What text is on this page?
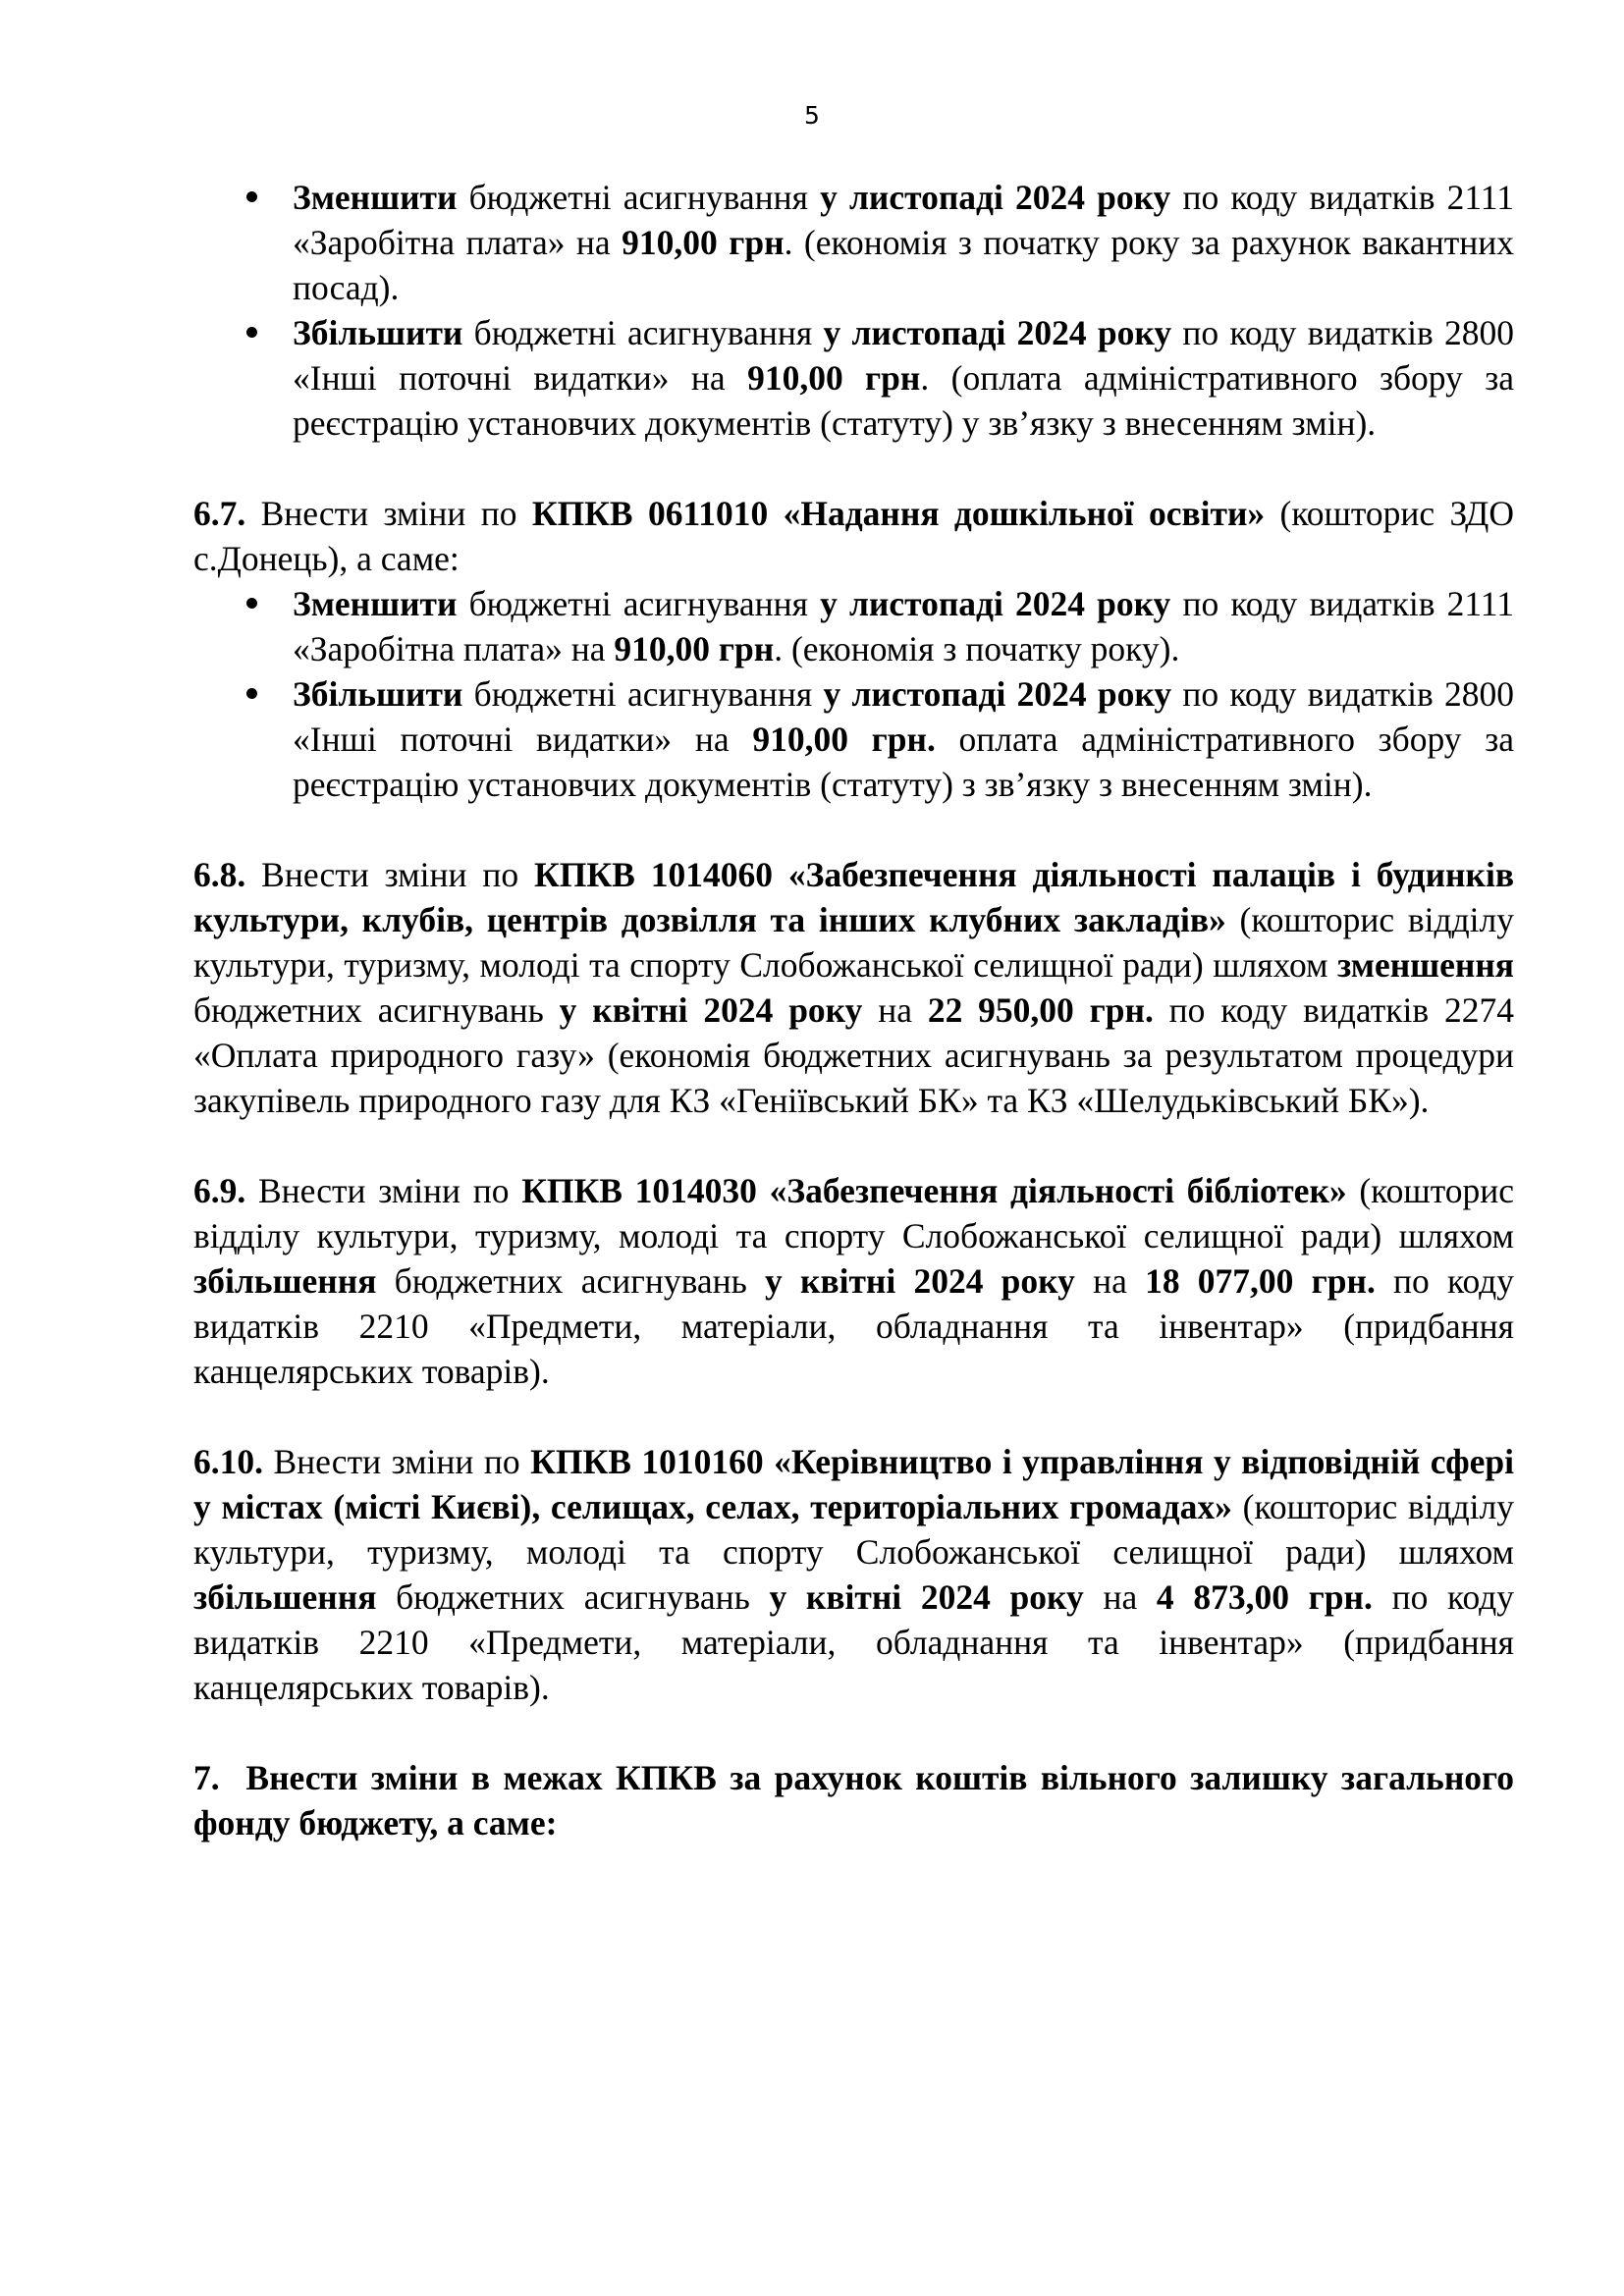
5
Зменшити бюджетні асигнування у листопаді 2024 року по коду видатків 2111 «Заробітна плата» на 910,00 грн. (економія з початку року за рахунок вакантних посад).
Збільшити бюджетні асигнування у листопаді 2024 року по коду видатків 2800 «Інші поточні видатки» на 910,00 грн. (оплата адміністративного збору за реєстрацію установчих документів (статуту) у зв’язку з внесенням змін).

6.7. Внести зміни по КПКВ 0611010 «Надання дошкільної освіти» (кошторис ЗДО с.Донець), а саме:

Зменшити бюджетні асигнування у листопаді 2024 року по коду видатків 2111 «Заробітна плата» на 910,00 грн. (економія з початку року).
Збільшити бюджетні асигнування у листопаді 2024 року по коду видатків 2800 «Інші поточні видатки» на 910,00 грн. оплата адміністративного збору за реєстрацію установчих документів (статуту) з зв’язку з внесенням змін).

6.8. Внести зміни по КПКВ 1014060 «Забезпечення діяльності палаців і будинків культури, клубів, центрів дозвілля та інших клубних закладів» (кошторис відділу культури, туризму, молоді та спорту Слобожанської селищної ради) шляхом зменшення бюджетних асигнувань у квітні 2024 року на 22 950,00 грн. по коду видатків 2274 «Оплата природного газу» (економія бюджетних асигнувань за результатом процедури закупівель природного газу для КЗ «Геніївський БК» та КЗ «Шелудьківський БК»).

6.9. Внести зміни по КПКВ 1014030 «Забезпечення діяльності бібліотек» (кошторис відділу культури, туризму, молоді та спорту Слобожанської селищної ради) шляхом збільшення бюджетних асигнувань у квітні 2024 року на 18 077,00 грн. по коду видатків 2210 «Предмети, матеріали, обладнання та інвентар» (придбання канцелярських товарів).

6.10. Внести зміни по КПКВ 1010160 «Керівництво і управління у відповідній сфері у містах (місті Києві), селищах, селах, територіальних громадах» (кошторис відділу культури, туризму, молоді та спорту Слобожанської селищної ради) шляхом збільшення бюджетних асигнувань у квітні 2024 року на 4 873,00 грн. по коду видатків 2210 «Предмети, матеріали, обладнання та інвентар» (придбання канцелярських товарів).

7. Внести зміни в межах КПКВ за рахунок коштів вільного залишку загального фонду бюджету, а саме:
